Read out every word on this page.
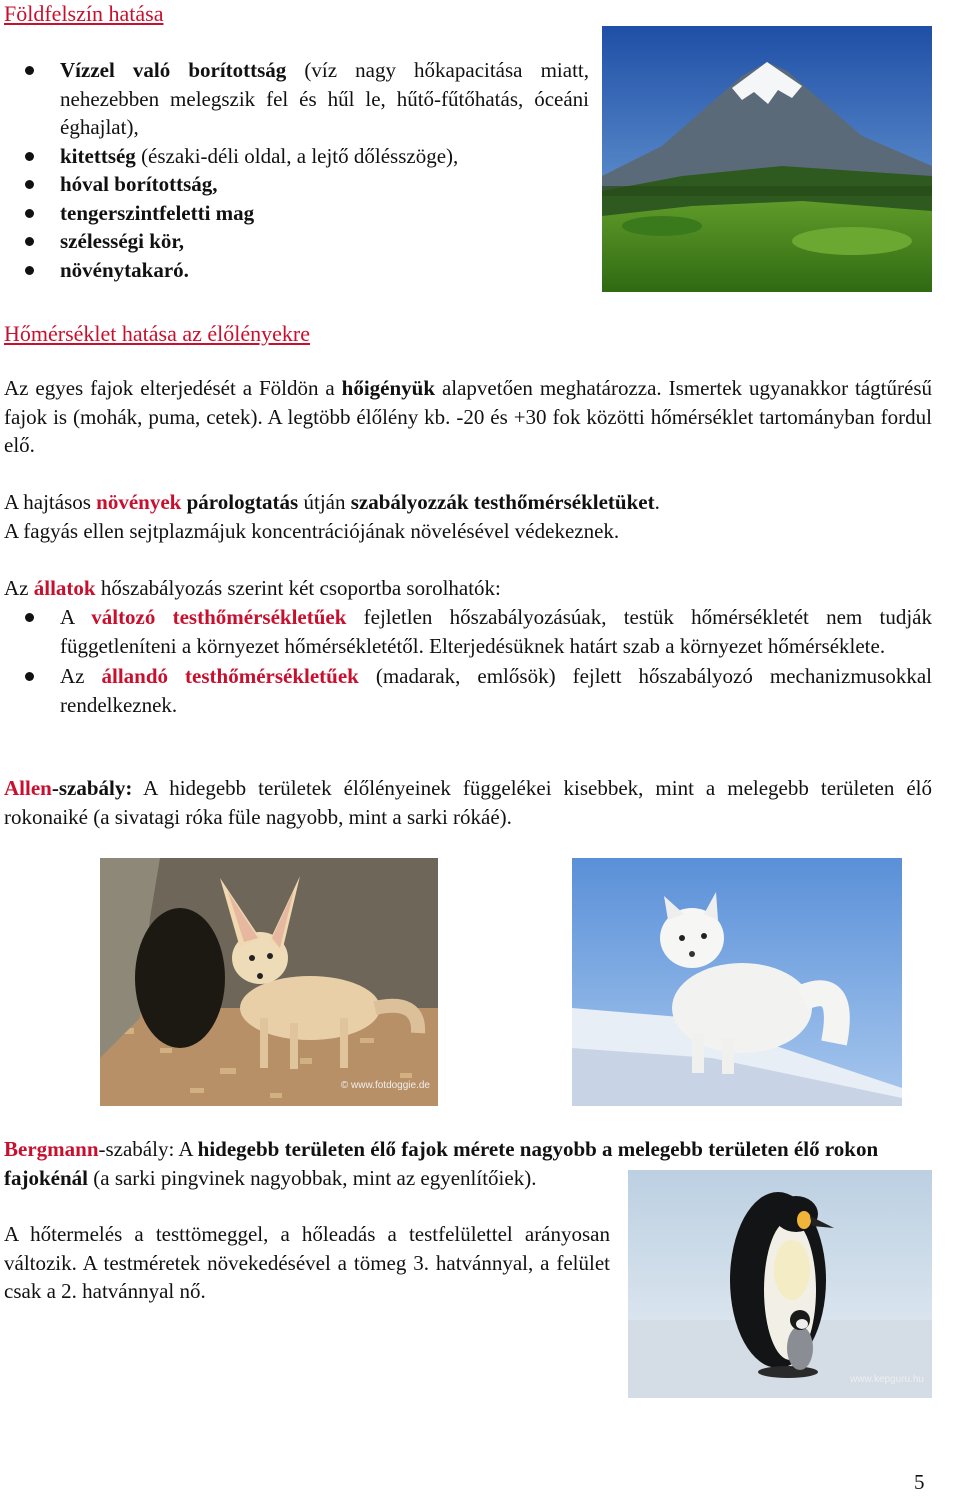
Földfelszín hatása
Vízzel való borítottság (víz nagy hőkapacitása miatt, nehezebben melegszik fel és hűl le, hűtő-fűtőhatás, óceáni éghajlat),
kitettség (északi-déli oldal, a lejtő dőlésszöge),
hóval borítottság,
tengerszintfeletti mag
szélességi kör,
növénytakaró.
Hőmérséklet hatása az élőlényekre
Az egyes fajok elterjedését a Földön a hőigényük alapvetően meghatározza. Ismertek ugyanakkor tágtűrésű fajok is (mohák, puma, cetek). A legtöbb élőlény kb. -20 és +30 fok közötti hőmérséklet tartományban fordul elő.
A hajtásos növények párologtatás útján szabályozzák testhőmérsékletüket.
A fagyás ellen sejtplazmájuk koncentrációjának növelésével védekeznek.
Az állatok hőszabályozás szerint két csoportba sorolhatók:
A változó testhőmérsékletűek fejletlen hőszabályozásúak, testük hőmérsékletét nem tudják függetleníteni a környezet hőmérsékletétől. Elterjedésüknek határt szab a környezet hőmérséklete.
Az állandó testhőmérsékletűek (madarak, emlősök) fejlett hőszabályozó mechanizmusokkal rendelkeznek.
Allen-szabály: A hidegebb területek élőlényeinek függelékei kisebbek, mint a melegebb területen élő rokonaiké (a sivatagi róka füle nagyobb, mint a sarki rókáé).
© www.fotdoggie.de
Bergmann-szabály: A hidegebb területen élő fajok mérete nagyobb a melegebb területen élő rokon fajokénál (a sarki pingvinek nagyobbak, mint az egyenlítőiek).
A hőtermelés a testtömeggel, a hőleadás a testfelülettel arányosan változik. A testméretek növekedésével a tömeg 3. hatvánnyal, a felület csak a 2. hatvánnyal nő.
www.kepguru.hu
5
